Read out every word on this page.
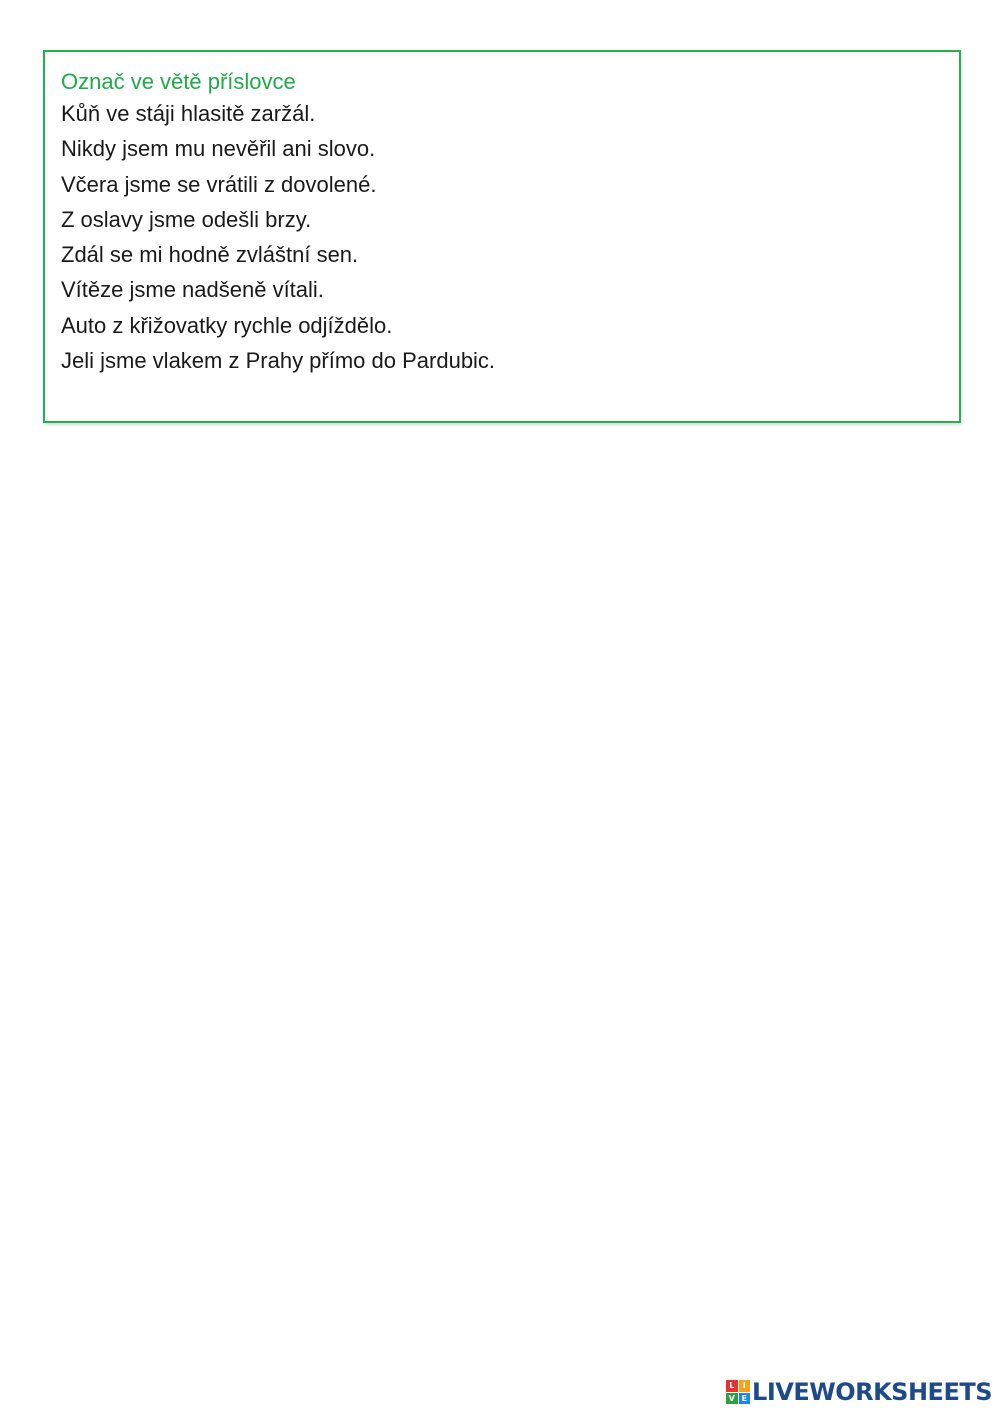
Označ ve větě příslovce

Kůň ve stáji hlasitě zaržál.

Nikdy jsem mu nevěřil ani slovo.

Včera jsme se vrátili z dovolené.

Z oslavy jsme odešli brzy.

Zdál se mi hodně zvláštní sen.

Vítěze jsme nadšeně vítali.

Auto z křižovatky rychle odjíždělo.

Jeli jsme vlakem z Prahy přímo do Pardubic.

L	I
V E LIVEWORKSHEETS
